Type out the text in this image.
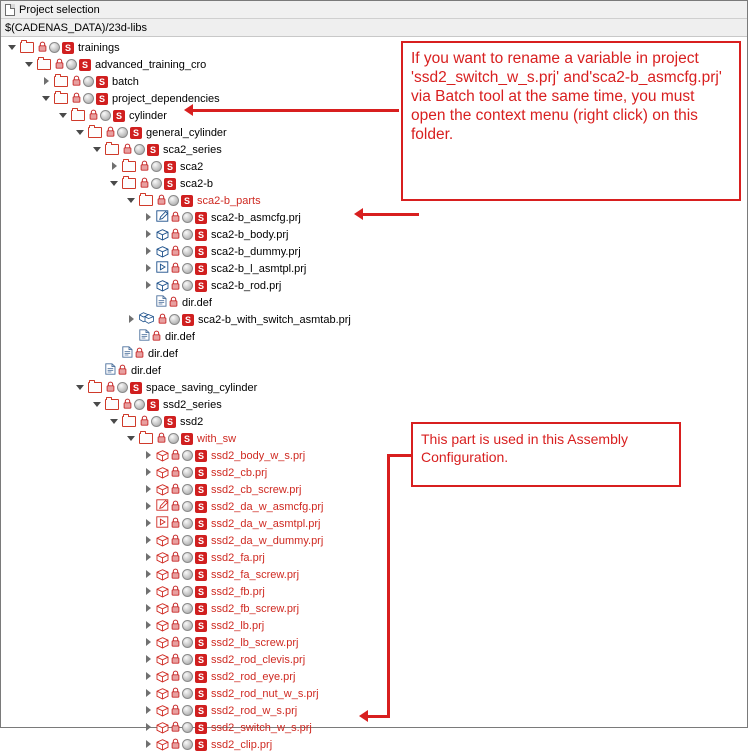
Project selection
$(CADENAS_DATA)/23d-libs
S trainings
S advanced_training_cro
S batch
S project_dependencies
S cylinder
S general_cylinder
S sca2_series
S sca2
S sca2-b
S sca2-b_parts
S sca2-b_asmcfg.prj
S sca2-b_body.prj
S sca2-b_dummy.prj
S sca2-b_l_asmtpl.prj
S sca2-b_rod.prj
dir.def
S sca2-b_with_switch_asmtab.prj
dir.def
dir.def
dir.def
S space_saving_cylinder
S ssd2_series
S ssd2
S with_sw
S ssd2_body_w_s.prj
S ssd2_cb.prj
S ssd2_cb_screw.prj
S ssd2_da_w_asmcfg.prj
S ssd2_da_w_asmtpl.prj
S ssd2_da_w_dummy.prj
S ssd2_fa.prj
S ssd2_fa_screw.prj
S ssd2_fb.prj
S ssd2_fb_screw.prj
S ssd2_lb.prj
S ssd2_lb_screw.prj
S ssd2_rod_clevis.prj
S ssd2_rod_eye.prj
S ssd2_rod_nut_w_s.prj
S ssd2_rod_w_s.prj
S ssd2_switch_w_s.prj
S ssd2_clip.prj
If you want to rename a variable in project 'ssd2_switch_w_s.prj' and'sca2-b_asmcfg.prj' via Batch tool at the same time, you must open the context menu (right click) on this folder.
This part is used in this Assembly Configuration.
